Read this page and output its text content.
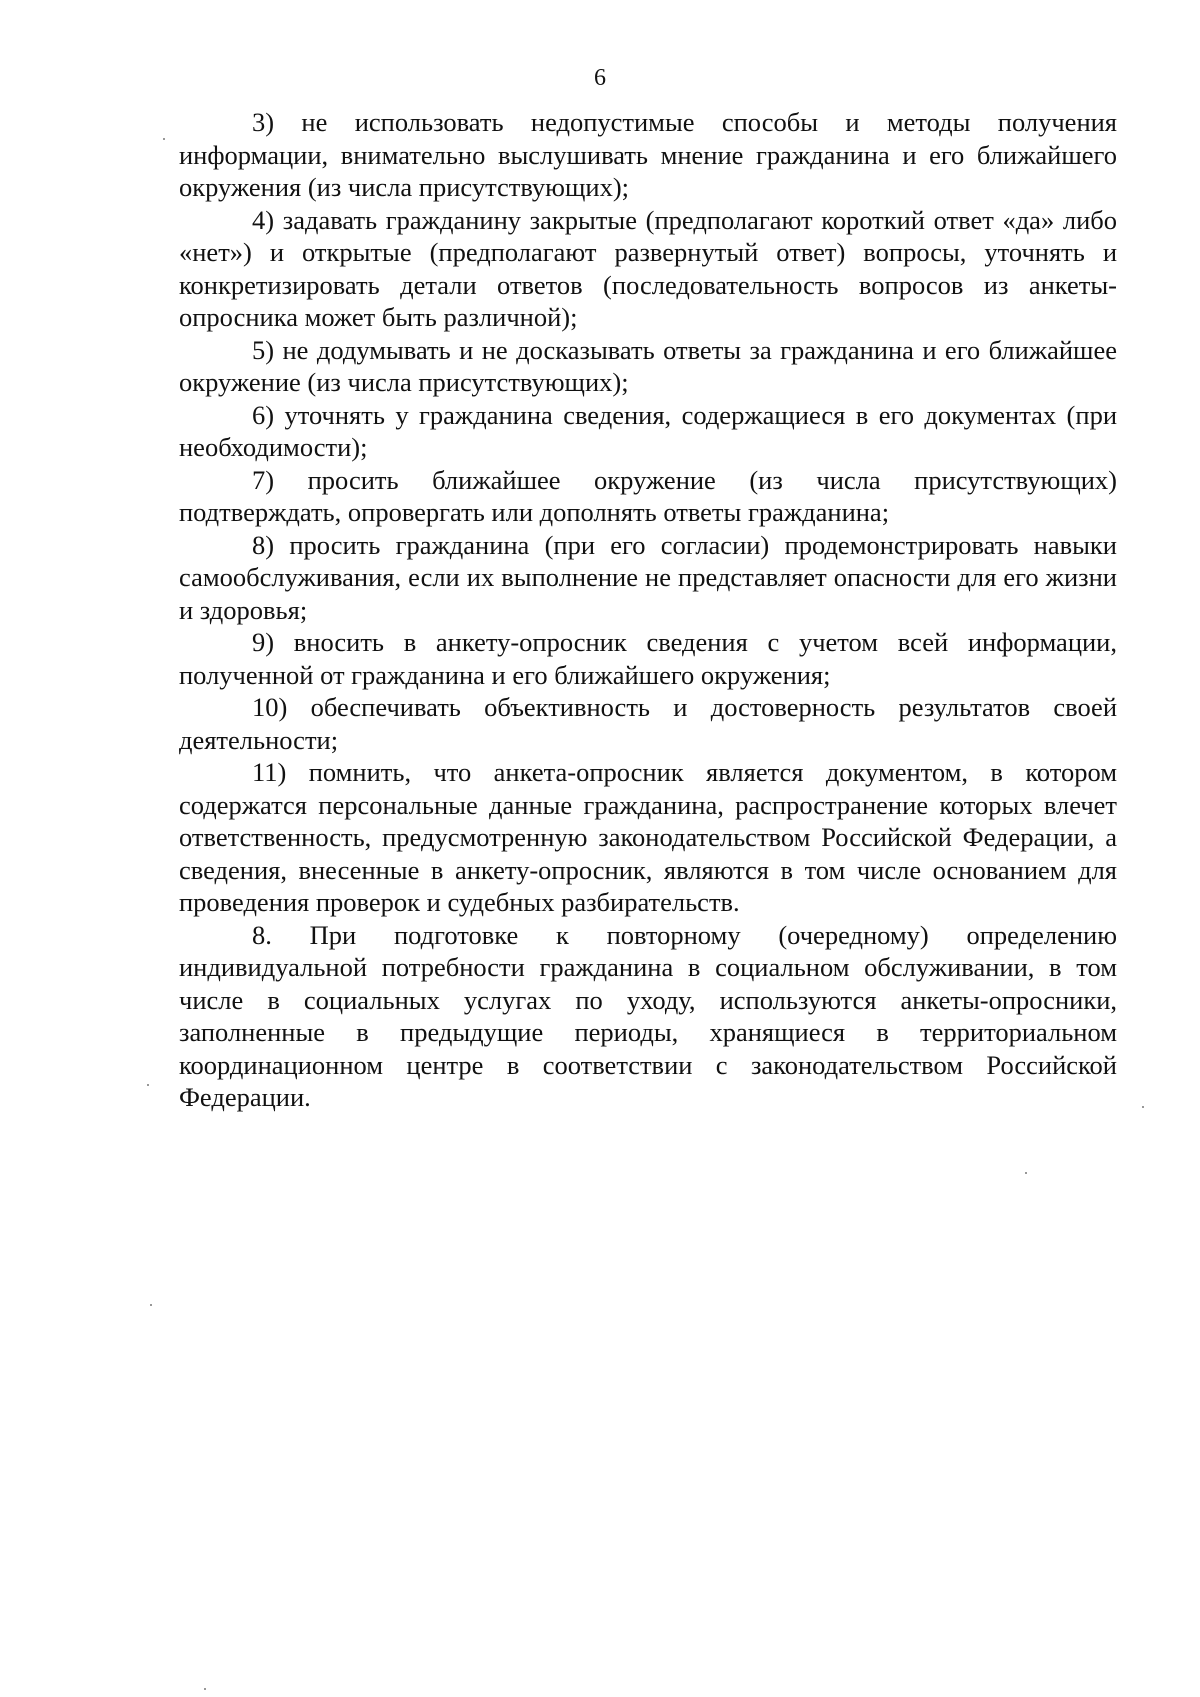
6

3) не использовать недопустимые способы и методы получения информации, внимательно выслушивать мнение гражданина и его ближайшего окружения (из числа присутствующих);

4) задавать гражданину закрытые (предполагают короткий ответ «да» либо «нет») и открытые (предполагают развернутый ответ) вопросы, уточнять и конкретизировать детали ответов (последовательность вопросов из анкеты-опросника может быть различной);

5) не додумывать и не досказывать ответы за гражданина и его ближайшее окружение (из числа присутствующих);

6) уточнять у гражданина сведения, содержащиеся в его документах (при необходимости);

7) просить ближайшее окружение (из числа присутствующих) подтверждать, опровергать или дополнять ответы гражданина;

8) просить гражданина (при его согласии) продемонстрировать навыки самообслуживания, если их выполнение не представляет опасности для его жизни и здоровья;

9) вносить в анкету-опросник сведения с учетом всей информации, полученной от гражданина и его ближайшего окружения;

10) обеспечивать объективность и достоверность результатов своей деятельности;

11) помнить, что анкета-опросник является документом, в котором содержатся персональные данные гражданина, распространение которых влечет ответственность, предусмотренную законодательством Российской Федерации, а сведения, внесенные в анкету-опросник, являются в том числе основанием для проведения проверок и судебных разбирательств.

8. При подготовке к повторному (очередному) определению индивидуальной потребности гражданина в социальном обслуживании, в том числе в социальных услугах по уходу, используются анкеты-опросники, заполненные в предыдущие периоды, хранящиеся в территориальном координационном центре в соответствии с законодательством Российской Федерации.
